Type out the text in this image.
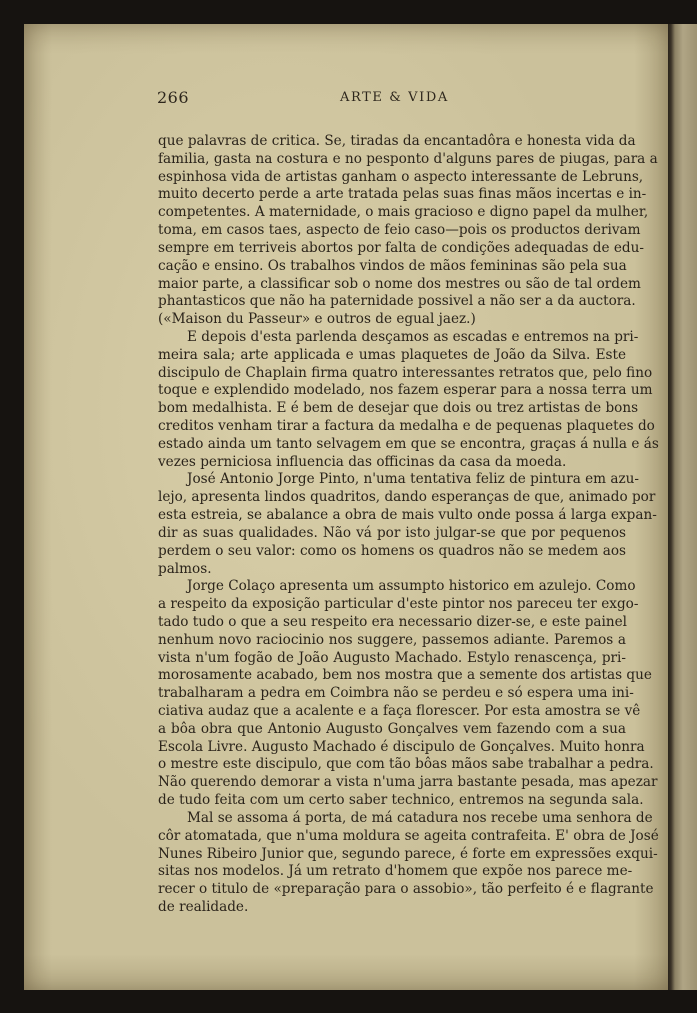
266	ARTE & VIDA
que palavras de critica. Se, tiradas da encantadôra e honesta vida da
familia, gasta na costura e no pesponto d'alguns pares de piugas, para a
espinhosa vida de artistas ganham o aspecto interessante de Lebruns,
muito decerto perde a arte tratada pelas suas finas mãos incertas e in-
competentes. A maternidade, o mais gracioso e digno papel da mulher,
toma, em casos taes, aspecto de feio caso—pois os productos derivam
sempre em terriveis abortos por falta de condições adequadas de edu-
cação e ensino. Os trabalhos vindos de mãos femininas são pela sua
maior parte, a classificar sob o nome dos mestres ou são de tal ordem
phantasticos que não ha paternidade possivel a não ser a da auctora.
(«Maison du Passeur» e outros de egual jaez.)
E depois d'esta parlenda desçamos as escadas e entremos na pri-
meira sala; arte applicada e umas plaquetes de João da Silva. Este
discipulo de Chaplain firma quatro interessantes retratos que, pelo fino
toque e explendido modelado, nos fazem esperar para a nossa terra um
bom medalhista. E é bem de desejar que dois ou trez artistas de bons
creditos venham tirar a factura da medalha e de pequenas plaquetes do
estado ainda um tanto selvagem em que se encontra, graças á nulla e ás
vezes perniciosa influencia das officinas da casa da moeda.
José Antonio Jorge Pinto, n'uma tentativa feliz de pintura em azu-
lejo, apresenta lindos quadritos, dando esperanças de que, animado por
esta estreia, se abalance a obra de mais vulto onde possa á larga expan-
dir as suas qualidades. Não vá por isto julgar-se que por pequenos
perdem o seu valor: como os homens os quadros não se medem aos
palmos.
Jorge Colaço apresenta um assumpto historico em azulejo. Como
a respeito da exposição particular d'este pintor nos pareceu ter exgo-
tado tudo o que a seu respeito era necessario dizer-se, e este painel
nenhum novo raciocinio nos suggere, passemos adiante. Paremos a
vista n'um fogão de João Augusto Machado. Estylo renascença, pri-
morosamente acabado, bem nos mostra que a semente dos artistas que
trabalharam a pedra em Coimbra não se perdeu e só espera uma ini-
ciativa audaz que a acalente e a faça florescer. Por esta amostra se vê
a bôa obra que Antonio Augusto Gonçalves vem fazendo com a sua
Escola Livre. Augusto Machado é discipulo de Gonçalves. Muito honra
o mestre este discipulo, que com tão bôas mãos sabe trabalhar a pedra.
Não querendo demorar a vista n'uma jarra bastante pesada, mas apezar
de tudo feita com um certo saber technico, entremos na segunda sala.
Mal se assoma á porta, de má catadura nos recebe uma senhora de
côr atomatada, que n'uma moldura se ageita contrafeita. E' obra de José
Nunes Ribeiro Junior que, segundo parece, é forte em expressões exqui-
sitas nos modelos. Já um retrato d'homem que expõe nos parece me-
recer o titulo de «preparação para o assobio», tão perfeito é e flagrante
de realidade.
